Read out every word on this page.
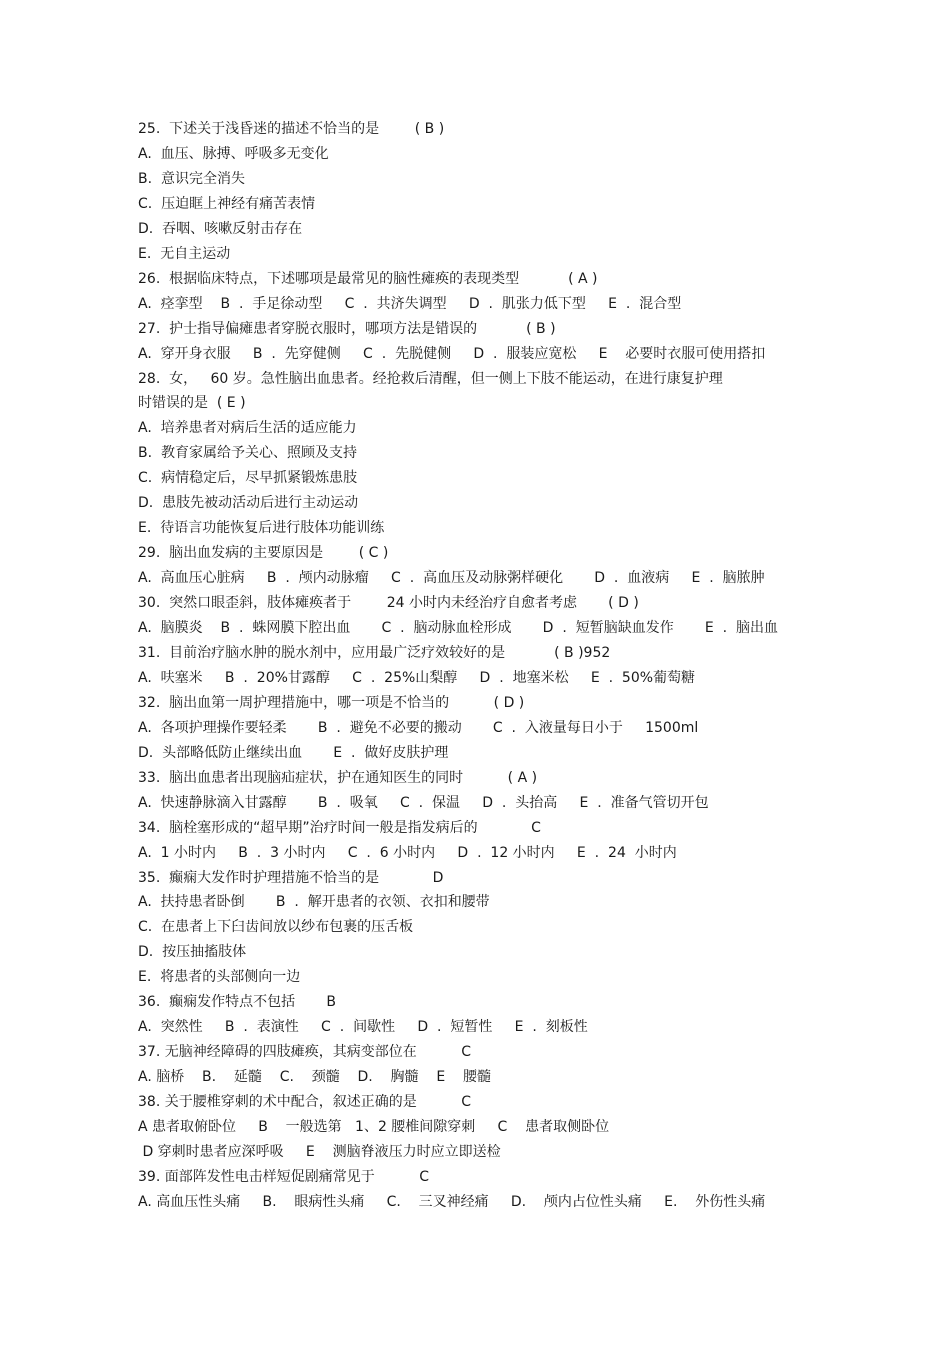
25.  下述关于浅昏迷的描述不恰当的是        ( B )
A.  血压、脉搏、呼吸多无变化
B.  意识完全消失
C.  压迫眶上神经有痛苦表情
D.  吞咽、咳嗽反射击存在
E.  无自主运动
26.  根据临床特点，下述哪项是最常见的脑性瘫痪的表现类型           ( A )
A.  痉挛型    B  .  手足徐动型     C  .  共济失调型     D  .  肌张力低下型     E  .  混合型
27.  护士指导偏瘫患者穿脱衣服时，哪项方法是错误的           ( B )
A.  穿开身衣服     B  .  先穿健侧     C  .  先脱健侧     D  .  服装应宽松     E    必要时衣服可使用搭扣
28.  女，   60 岁。急性脑出血患者。经抢救后清醒，但一侧上下肢不能运动，在进行康复护理
时错误的是  ( E )
A.  培养患者对病后生活的适应能力
B.  教育家属给予关心、照顾及支持
C.  病情稳定后，尽早抓紧锻炼患肢
D.  患肢先被动活动后进行主动运动
E.  待语言功能恢复后进行肢体功能训练
29.  脑出血发病的主要原因是        ( C )
A.  高血压心脏病     B  .  颅内动脉瘤     C  .  高血压及动脉粥样硬化       D  .  血液病     E  .  脑脓肿
30.  突然口眼歪斜，肢体瘫痪者于        24 小时内未经治疗自愈者考虑       ( D )
A.  脑膜炎    B  .  蛛网膜下腔出血       C  .  脑动脉血栓形成       D  .  短暂脑缺血发作       E  .  脑出血
31.  目前治疗脑水肿的脱水剂中，应用最广泛疗效较好的是           ( B )952
A.  呋塞米     B  .  20%甘露醇     C  .  25%山梨醇     D  .  地塞米松     E  .  50%葡萄糖
32.  脑出血第一周护理措施中，哪一项是不恰当的          ( D )
A.  各项护理操作要轻柔       B  .  避免不必要的搬动       C  .  入液量每日小于     1500ml
D.  头部略低防止继续出血       E  .  做好皮肤护理
33.  脑出血患者出现脑疝症状，护在通知医生的同时          ( A )
A.  快速静脉滴入甘露醇       B  .  吸氧     C  .  保温     D  .  头抬高     E  .  准备气管切开包
34.  脑栓塞形成的“超早期”治疗时间一般是指发病后的            C
A.  1 小时内     B  .  3 小时内     C  .  6 小时内     D  .  12 小时内     E  .  24  小时内
35.  癫痫大发作时护理措施不恰当的是            D
A.  扶持患者卧倒       B  .  解开患者的衣领、衣扣和腰带
C.  在患者上下臼齿间放以纱布包裹的压舌板
D.  按压抽搐肢体
E.  将患者的头部侧向一边
36.  癫痫发作特点不包括       B
A.  突然性     B  .  表演性     C  .  间歇性     D  .  短暂性     E  .  刻板性
37. 无脑神经障碍的四肢瘫痪，其病变部位在          C
A. 脑桥    B.    延髓    C.    颈髓    D.    胸髓    E    腰髓
38. 关于腰椎穿刺的术中配合，叙述正确的是          C
A 患者取俯卧位     B    一般选第   1、2 腰椎间隙穿刺     C    患者取侧卧位
D 穿刺时患者应深呼吸     E    测脑脊液压力时应立即送检
39. 面部阵发性电击样短促剧痛常见于          C
A. 高血压性头痛     B.    眼病性头痛     C.    三叉神经痛     D.    颅内占位性头痛     E.    外伤性头痛
